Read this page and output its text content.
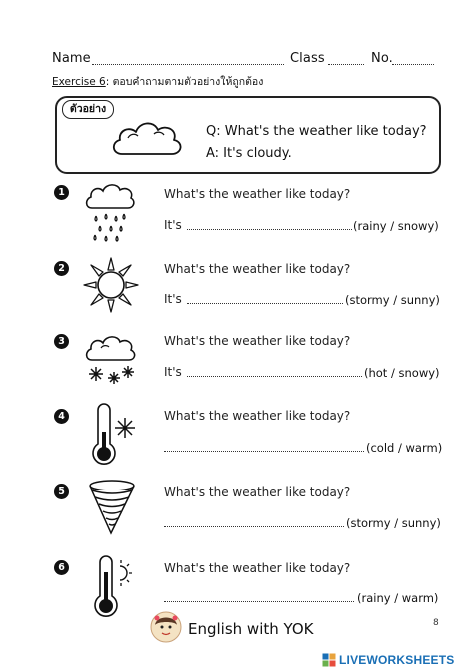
Name	Class	No.
Exercise 6: ตอบคำถามตามตัวอย่างให้ถูกต้อง
ตัวอย่าง
Q: What's the weather like today?
A: It's cloudy.
1	What's the weather like today?
It's	(rainy / snowy)
2	What's the weather like today?
It's	(stormy / sunny)
3	What's the weather like today?
It's	(hot / snowy)
4	What's the weather like today?
(cold / warm)
5	What's the weather like today?
(stormy / sunny)
6	What's the weather like today?
(rainy / warm)
English with YOK	8
LIVEWORKSHEETS
